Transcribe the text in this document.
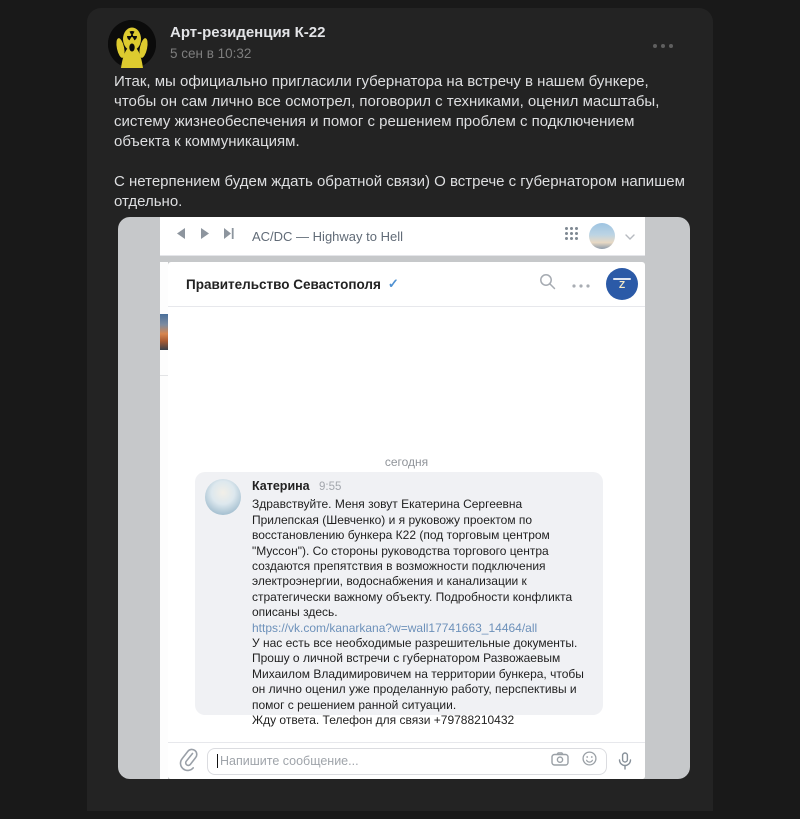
Арт-резиденция К-22
5 сен в 10:32

Итак, мы официально пригласили губернатора на встречу в нашем бункере, чтобы он сам лично все осмотрел, поговорил с техниками, оценил масштабы, систему жизнеобеспечения и помог с решением проблем с подключением объекта к коммуникациям.

С нетерпением будем ждать обратной связи) О встрече с губернатором напишем отдельно.

AC/DC — Highway to Hell
Правительство Севастополя ✓	Z
сегодня
Катерина 9:55
Здравствуйте. Меня зовут Екатерина Сергеевна Прилепская (Шевченко) и я руковожу проектом по восстановлению бункера К22 (под торговым центром "Муссон"). Со стороны руководства торгового центра создаются препятствия в возможности подключения электроэнергии, водоснабжения и канализации к стратегически важному объекту. Подробности конфликта описаны здесь.
https://vk.com/kanarkana?w=wall17741663_14464/all
У нас есть все необходимые разрешительные документы.
Прошу о личной встречи с губернатором Развожаевым Михаилом Владимировичем на территории бункера, чтобы он лично оценил уже проделанную работу, перспективы и помог с решением ранной ситуации.
Жду ответа. Телефон для связи +79788210432
Напишите сообщение...
